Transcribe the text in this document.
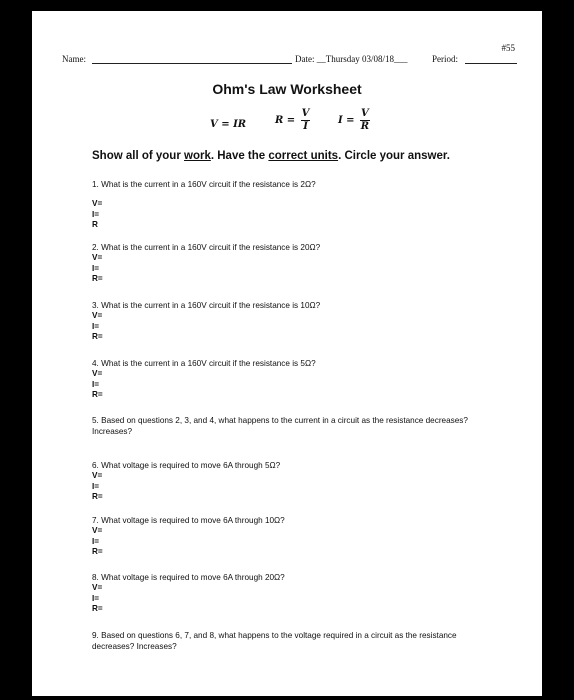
#55
Name:	Date: __Thursday 03/08/18___	Period:
Ohm's Law Worksheet
V = IR	$R = \frac{V}{I}$	$I = \frac{V}{R}$
Show all of your work. Have the correct units. Circle your answer.
1. What is the current in a 160V circuit if the resistance is 2Ω?
V=
I=
R
2. What is the current in a 160V circuit if the resistance is 20Ω?
V=
I=
R=
3. What is the current in a 160V circuit if the resistance is 10Ω?
V=
I=
R=
4. What is the current in a 160V circuit if the resistance is 5Ω?
V=
I=
R=
5. Based on questions 2, 3, and 4, what happens to the current in a circuit as the resistance decreases? Increases?
6. What voltage is required to move 6A through 5Ω?
V=
I=
R=
7. What voltage is required to move 6A through 10Ω?
V=
I=
R=
8. What voltage is required to move 6A through 20Ω?
V=
I=
R=
9. Based on questions 6, 7, and 8, what happens to the voltage required in a circuit as the resistance decreases? Increases?
